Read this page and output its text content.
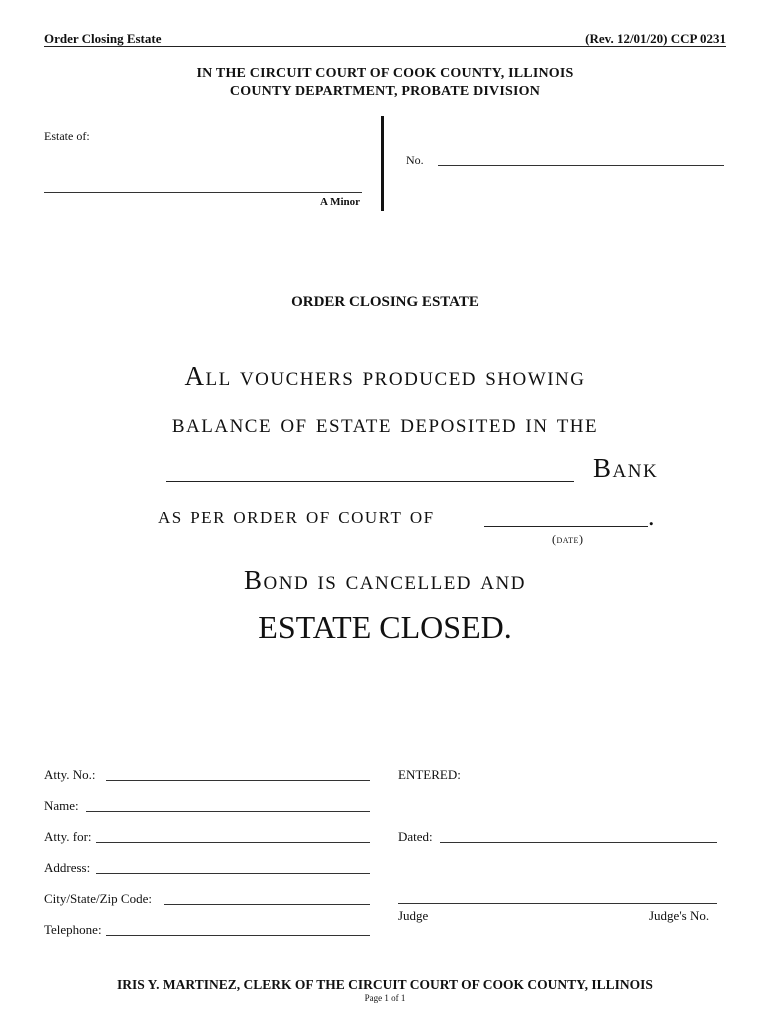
Order Closing Estate	(Rev. 12/01/20) CCP 0231
IN THE CIRCUIT COURT OF COOK COUNTY, ILLINOIS
COUNTY DEPARTMENT, PROBATE DIVISION
Estate of:
A Minor
No.
ORDER CLOSING ESTATE
All vouchers produced showing
balance of estate deposited in the
Bank
as per order of court of	.
(date)
Bond is cancelled and
ESTATE CLOSED.
Atty. No.:
Name:
Atty. for:
Address:
City/State/Zip Code:
Telephone:
ENTERED:
Dated:
Judge	Judge's No.
IRIS Y. MARTINEZ, CLERK OF THE CIRCUIT COURT OF COOK COUNTY, ILLINOIS
Page 1 of 1
